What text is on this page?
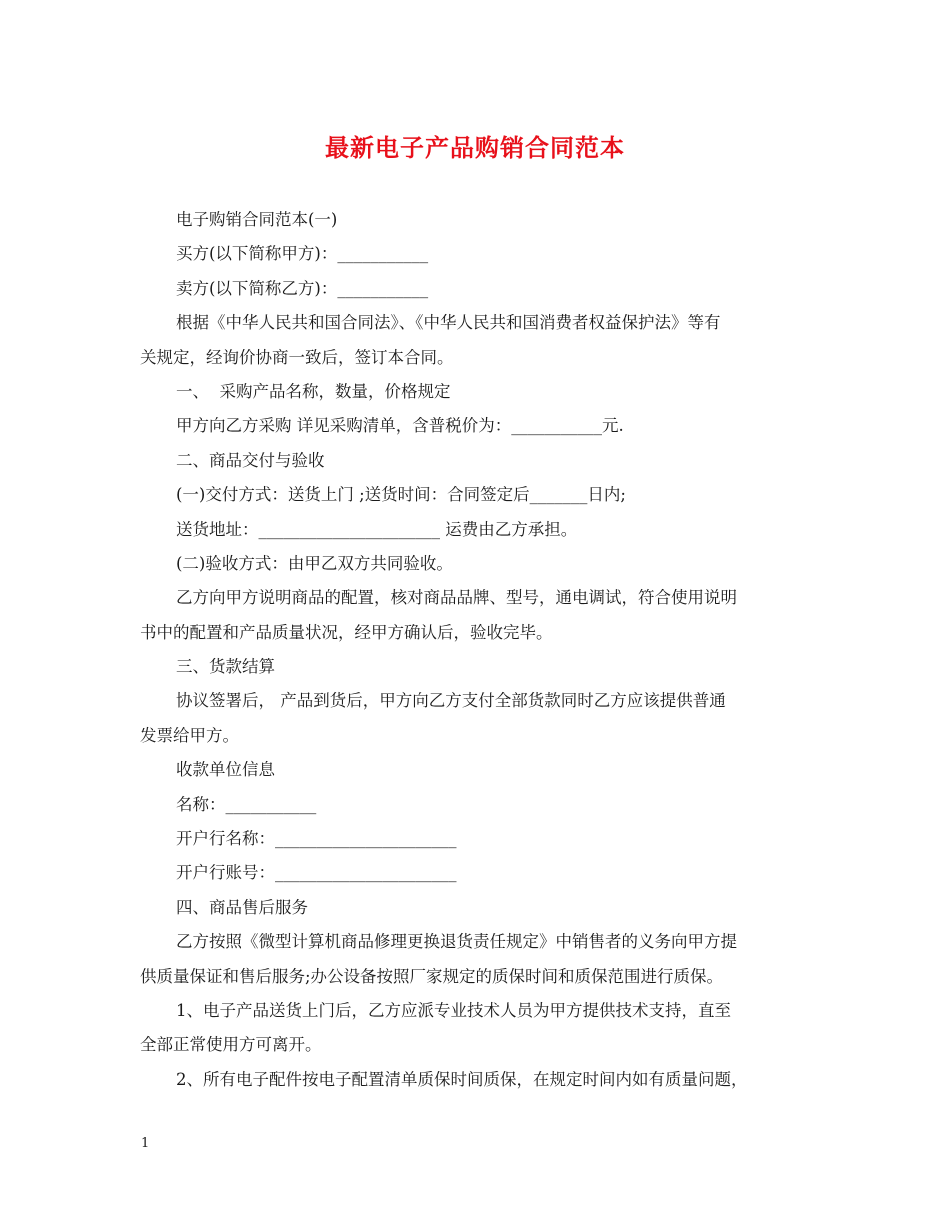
最新电子产品购销合同范本
电子购销合同范本(一)
买方(以下简称甲方)：___________
卖方(以下简称乙方)：___________
根据《中华人民共和国合同法》、《中华人民共和国消费者权益保护法》等有
关规定，经询价协商一致后，签订本合同。
一、  采购产品名称，数量，价格规定
甲方向乙方采购 详见采购清单，含普税价为：___________元.
二、商品交付与验收
(一)交付方式：送货上门 ;送货时间：合同签定后_______日内;
送货地址：______________________ 运费由乙方承担。
(二)验收方式：由甲乙双方共同验收。
乙方向甲方说明商品的配置，核对商品品牌、型号，通电调试，符合使用说明
书中的配置和产品质量状况，经甲方确认后，验收完毕。
三、货款结算
协议签署后， 产品到货后，甲方向乙方支付全部货款同时乙方应该提供普通
发票给甲方。
收款单位信息
名称：___________
开户行名称：______________________
开户行账号：______________________
四、商品售后服务
乙方按照《微型计算机商品修理更换退货责任规定》中销售者的义务向甲方提
供质量保证和售后服务;办公设备按照厂家规定的质保时间和质保范围进行质保。
1、电子产品送货上门后，乙方应派专业技术人员为甲方提供技术支持，直至
全部正常使用方可离开。
2、所有电子配件按电子配置清单质保时间质保，在规定时间内如有质量问题，
1
